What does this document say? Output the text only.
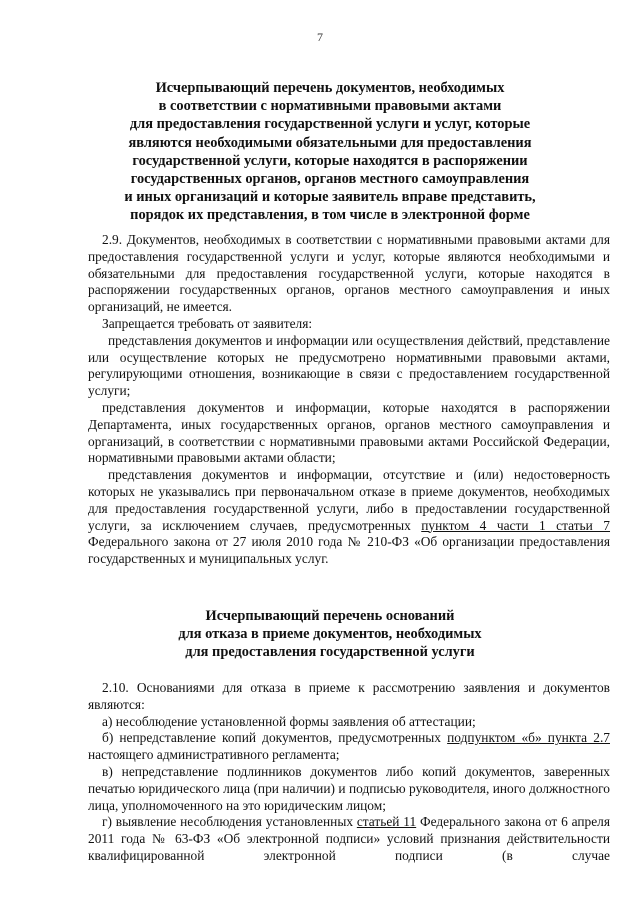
7
Исчерпывающий перечень документов, необходимых
в соответствии с нормативными правовыми актами
для предоставления государственной услуги и услуг, которые
являются необходимыми обязательными для предоставления
государственной услуги, которые находятся в распоряжении
государственных органов, органов местного самоуправления
и иных организаций и которые заявитель вправе представить,
порядок их представления, в том числе в электронной форме

2.9. Документов, необходимых в соответствии с нормативными правовыми актами для предоставления государственной услуги и услуг, которые являются необходимыми и обязательными для предоставления государственной услуги, которые находятся в распоряжении государственных органов, органов местного самоуправления и иных организаций, не имеется.

Запрещается требовать от заявителя:

представления документов и информации или осуществления действий, представление или осуществление которых не предусмотрено нормативными правовыми актами, регулирующими отношения, возникающие в связи с предоставлением государственной услуги;

представления документов и информации, которые находятся в распоряжении Департамента, иных государственных органов, органов местного самоуправления и организаций, в соответствии с нормативными правовыми актами Российской Федерации, нормативными правовыми актами области;

представления документов и информации, отсутствие и (или) недостоверность которых не указывались при первоначальном отказе в приеме документов, необходимых для предоставления государственной услуги, либо в предоставлении государственной услуги, за исключением случаев, предусмотренных пунктом 4 части 1 статьи 7 Федерального закона от 27 июля 2010 года № 210-ФЗ «Об организации предоставления государственных и муниципальных услуг.

Исчерпывающий перечень оснований
для отказа в приеме документов, необходимых
для предоставления государственной услуги

2.10. Основаниями для отказа в приеме к рассмотрению заявления и документов являются:

а) несоблюдение установленной формы заявления об аттестации;

б) непредставление копий документов, предусмотренных подпунктом «б» пункта 2.7 настоящего административного регламента;

в) непредставление подлинников документов либо копий документов, заверенных печатью юридического лица (при наличии) и подписью руководителя, иного должностного лица, уполномоченного на это юридическим лицом;

г) выявление несоблюдения установленных статьей 11 Федерального закона от 6 апреля 2011 года № 63-ФЗ «Об электронной подписи» условий признания действительности квалифицированной электронной подписи (в случае
